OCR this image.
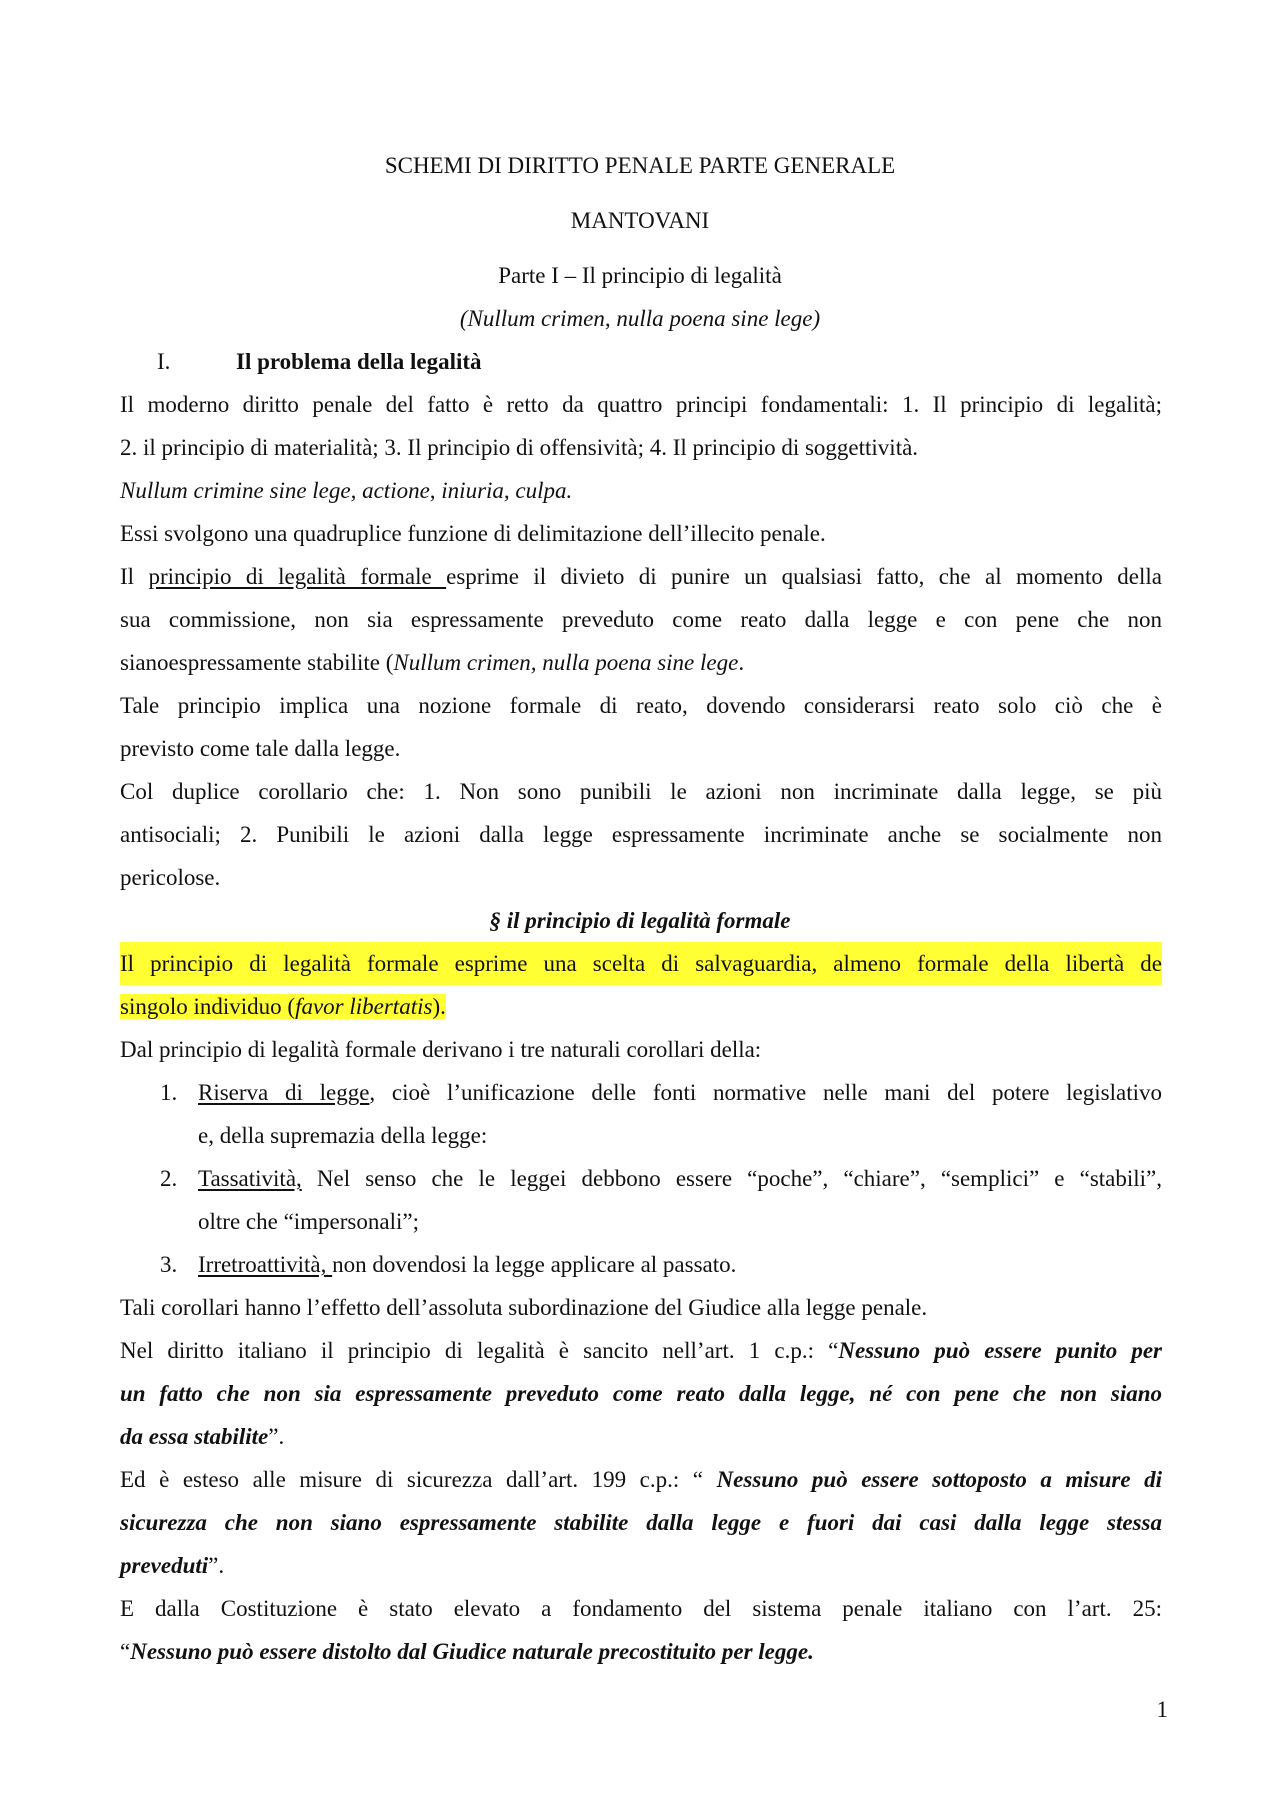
SCHEMI DI DIRITTO PENALE PARTE GENERALE
MANTOVANI
Parte I – Il principio di legalità
(Nullum crimen, nulla poena sine lege)
I.	Il problema della legalità
Il moderno diritto penale del fatto è retto da quattro principi fondamentali: 1. Il principio di legalità;
2. il principio di materialità; 3. Il principio di offensività; 4. Il principio di soggettività.
Nullum crimine sine lege, actione, iniuria, culpa.
Essi svolgono una quadruplice funzione di delimitazione dell’illecito penale.
Il principio di legalità formale esprime il divieto di punire un qualsiasi fatto, che al momento della
sua commissione, non sia espressamente preveduto come reato dalla legge e con pene che non
sianoespressamente stabilite (Nullum crimen, nulla poena sine lege.
Tale principio implica una nozione formale di reato, dovendo considerarsi reato solo ciò che è
previsto come tale dalla legge.
Col duplice corollario che: 1. Non sono punibili le azioni non incriminate dalla legge, se più
antisociali; 2. Punibili le azioni dalla legge espressamente incriminate anche se socialmente non
pericolose.
§ il principio di legalità formale
Il principio di legalità formale esprime una scelta di salvaguardia, almeno formale della libertà de
singolo individuo (favor libertatis).
Dal principio di legalità formale derivano i tre naturali corollari della:
1. Riserva di legge, cioè l’unificazione delle fonti normative nelle mani del potere legislativo
e, della supremazia della legge:
2. Tassatività, Nel senso che le leggei debbono essere “poche”, “chiare”, “semplici” e “stabili”,
oltre che “impersonali”;
3. Irretroattività, non dovendosi la legge applicare al passato.
Tali corollari hanno l’effetto dell’assoluta subordinazione del Giudice alla legge penale.
Nel diritto italiano il principio di legalità è sancito nell’art. 1 c.p.: “Nessuno può essere punito per
un fatto che non sia espressamente preveduto come reato dalla legge, né con pene che non siano
da essa stabilite”.
Ed è esteso alle misure di sicurezza dall’art. 199 c.p.: “ Nessuno può essere sottoposto a misure di
sicurezza che non siano espressamente stabilite dalla legge e fuori dai casi dalla legge stessa
preveduti”.
E dalla Costituzione è stato elevato a fondamento del sistema penale italiano con l’art. 25:
“Nessuno può essere distolto dal Giudice naturale precostituito per legge.
1
